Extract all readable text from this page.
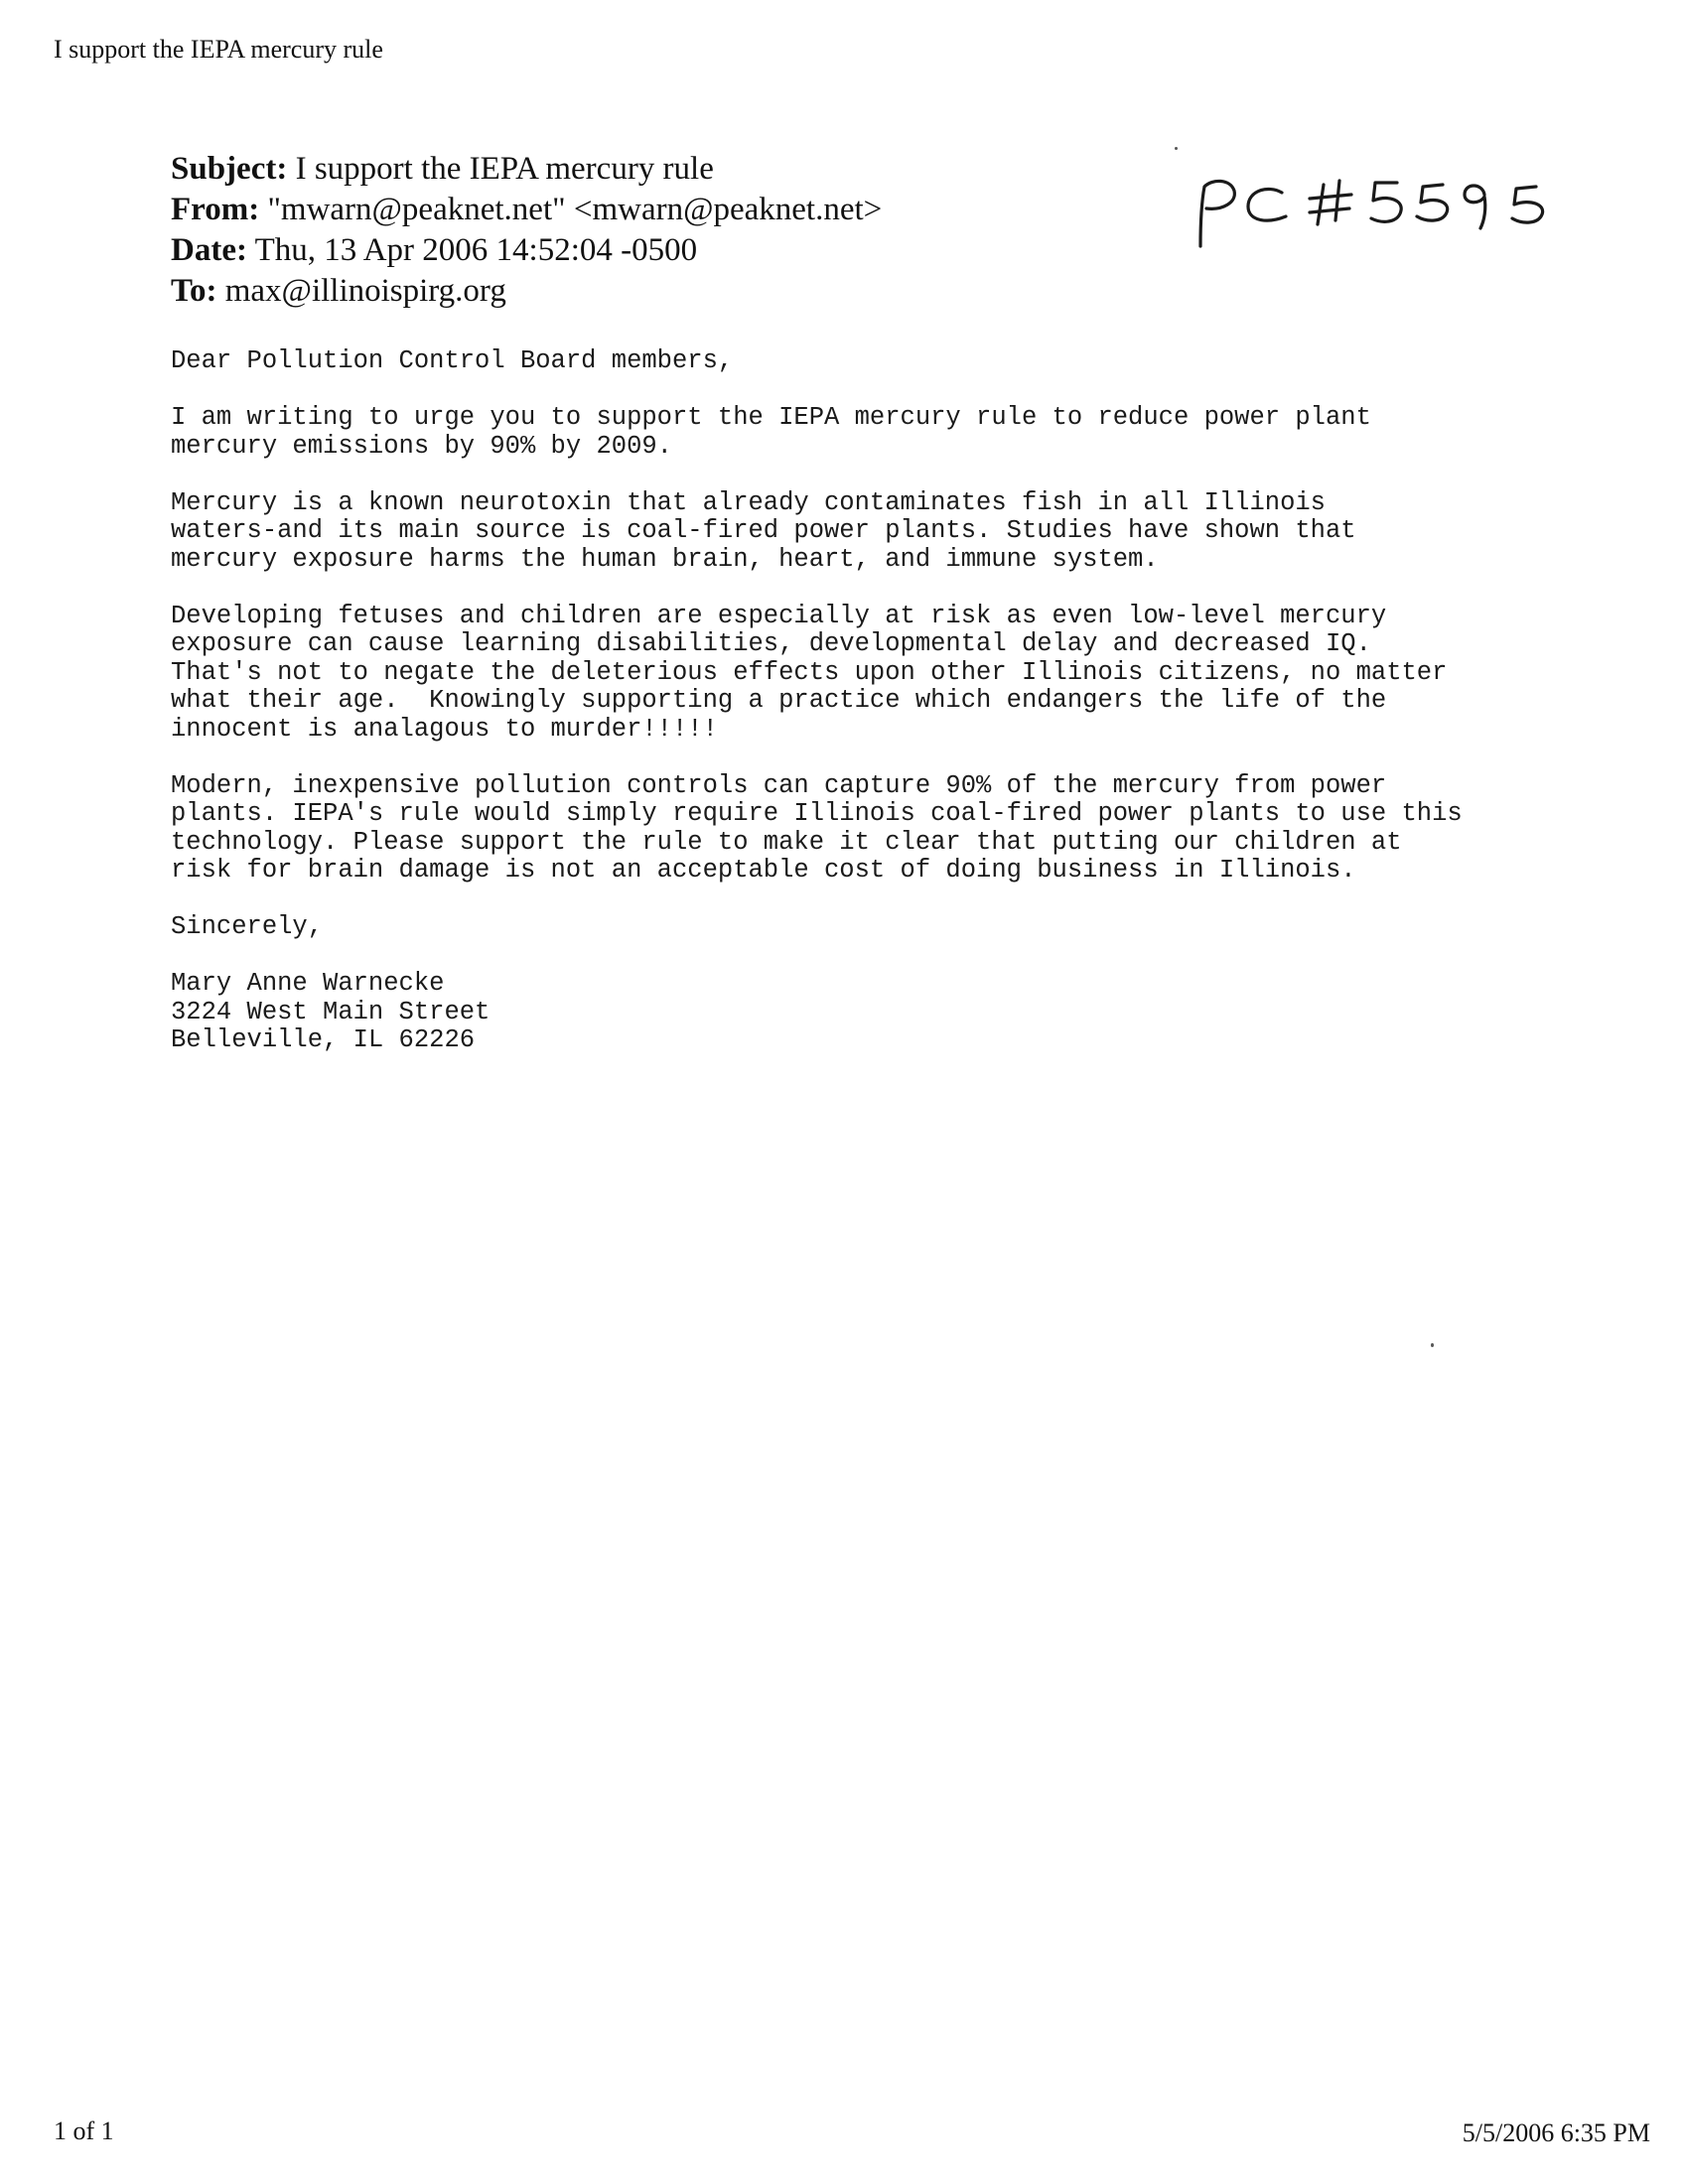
I support the IEPA mercury rule
Subject: I support the IEPA mercury rule
From: "mwarn@peaknet.net" <mwarn@peaknet.net>
Date: Thu, 13 Apr 2006 14:52:04 -0500
To: max@illinoispirg.org
Dear Pollution Control Board members,
I am writing to urge you to support the IEPA mercury rule to reduce power plant
mercury emissions by 90% by 2009.
Mercury is a known neurotoxin that already contaminates fish in all Illinois
waters-and its main source is coal-fired power plants. Studies have shown that
mercury exposure harms the human brain, heart, and immune system.
Developing fetuses and children are especially at risk as even low-level mercury
exposure can cause learning disabilities, developmental delay and decreased IQ.
That's not to negate the deleterious effects upon other Illinois citizens, no matter
what their age.  Knowingly supporting a practice which endangers the life of the
innocent is analagous to murder!!!!!
Modern, inexpensive pollution controls can capture 90% of the mercury from power
plants. IEPA's rule would simply require Illinois coal-fired power plants to use this
technology. Please support the rule to make it clear that putting our children at
risk for brain damage is not an acceptable cost of doing business in Illinois.
Sincerely,
Mary Anne Warnecke
3224 West Main Street
Belleville, IL 62226
1 of 1	5/5/2006 6:35 PM
